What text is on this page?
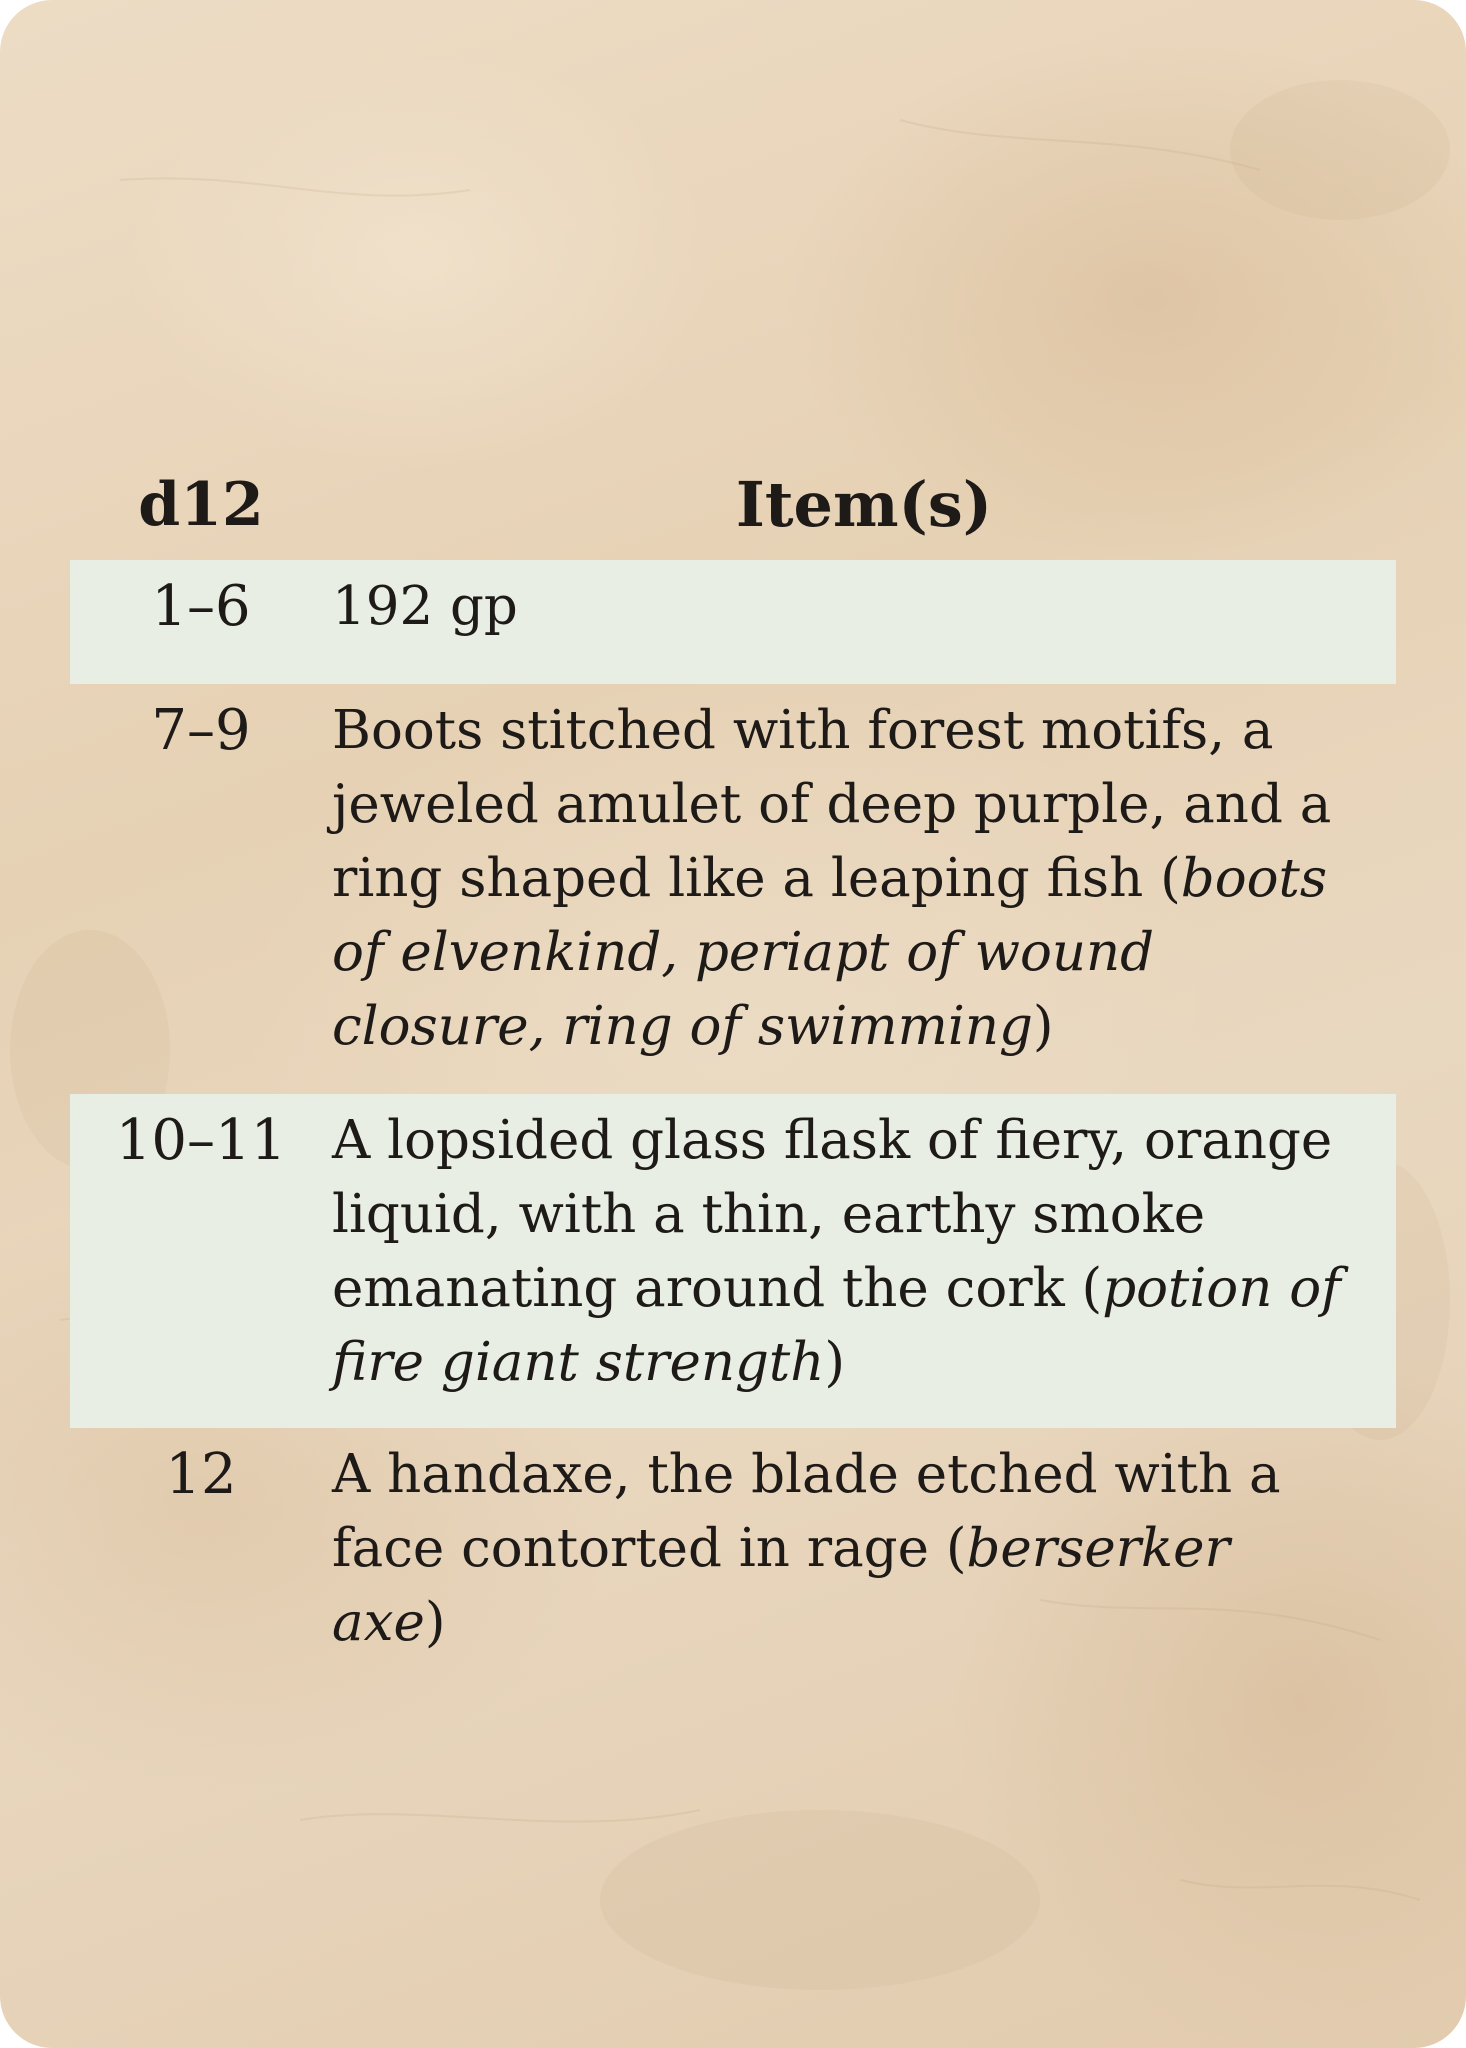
d12	Item(s)
1–6	192 gp
7–9	Boots stitched with forest motifs, a jeweled amulet of deep purple, and a ring shaped like a leaping fish (boots of elvenkind, periapt of wound closure, ring of swimming)
10–11 A lopsided glass flask of fiery, orange liquid, with a thin, earthy smoke emanating around the cork (potion of fire giant strength)
12	A handaxe, the blade etched with a face contorted in rage (berserker axe)
